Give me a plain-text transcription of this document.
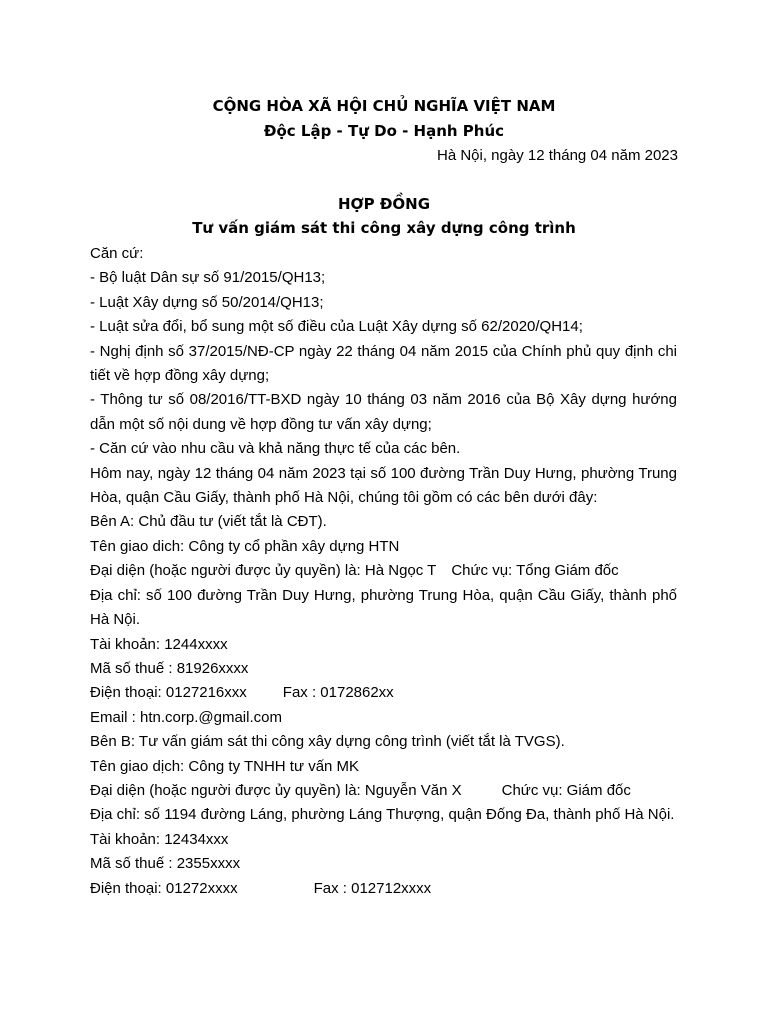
CỘNG HÒA XÃ HỘI CHỦ NGHĨA VIỆT NAM
Độc Lập - Tự Do - Hạnh Phúc
Hà Nội, ngày 12 tháng 04 năm 2023
HỢP ĐỒNG
Tư vấn giám sát thi công xây dựng công trình

Căn cứ:

- Bộ luật Dân sự số 91/2015/QH13;

- Luật Xây dựng số 50/2014/QH13;

- Luật sửa đổi, bổ sung một số điều của Luật Xây dựng số 62/2020/QH14;

- Nghị định số 37/2015/NĐ-CP ngày 22 tháng 04 năm 2015 của Chính phủ quy định chi tiết về hợp đồng xây dựng;

- Thông tư số 08/2016/TT-BXD ngày 10 tháng 03 năm 2016 của Bộ Xây dựng hướng dẫn một số nội dung về hợp đồng tư vấn xây dựng;

- Căn cứ vào nhu cầu và khả năng thực tế của các bên.

Hôm nay, ngày 12 tháng 04 năm 2023 tại số 100 đường Trần Duy Hưng, phường Trung Hòa, quận Cầu Giấy, thành phố Hà Nội, chúng tôi gồm có các bên dưới đây:

Bên A: Chủ đầu tư (viết tắt là CĐT).

Tên giao dich: Công ty cổ phần xây dựng HTN

Đại diện (hoặc người được ủy quyền) là: Hà Ngọc T Chức vụ: Tổng Giám đốc

Địa chỉ: số 100 đường Trần Duy Hưng, phường Trung Hòa, quận Cầu Giấy, thành phố Hà Nội.

Tài khoản: 1244xxxx

Mã số thuế : 81926xxxx

Điện thoại: 0127216xxx Fax : 0172862xx

Email : htn.corp.@gmail.com

Bên B: Tư vấn giám sát thi công xây dựng công trình (viết tắt là TVGS).

Tên giao dịch: Công ty TNHH tư vấn MK

Đại diện (hoặc người được ủy quyền) là: Nguyễn Văn X	Chức vụ: Giám đốc

Địa chỉ: số 1194 đường Láng, phường Láng Thượng, quận Đống Đa, thành phố Hà Nội.

Tài khoản: 12434xxx

Mã số thuế : 2355xxxx

Điện thoại: 01272xxxx	Fax : 012712xxxx
